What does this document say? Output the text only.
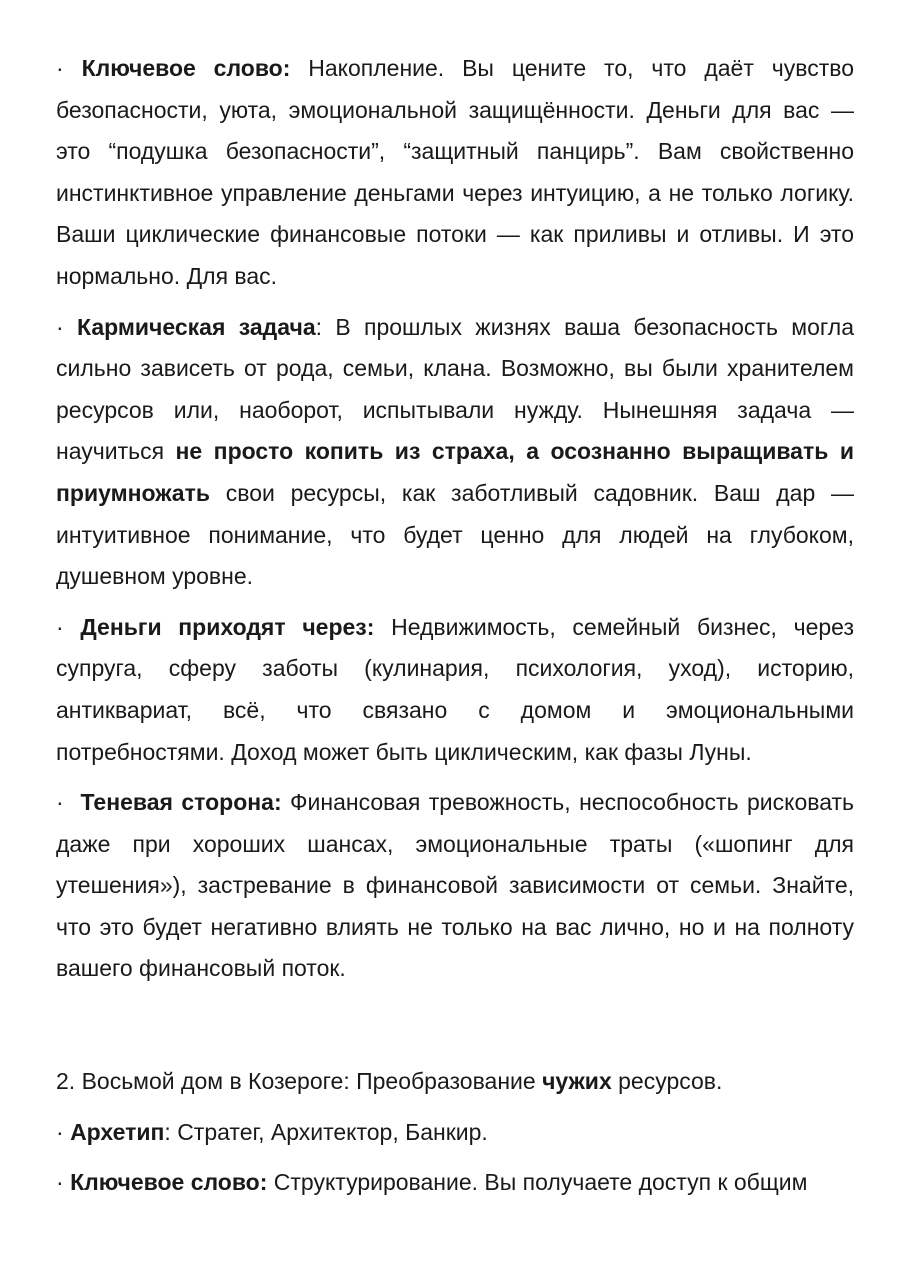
· Ключевое слово: Накопление. Вы цените то, что даёт чувство безопасности, уюта, эмоциональной защищённости. Деньги для вас — это “подушка безопасности”, “защитный панцирь”. Вам свойственно инстинктивное управление деньгами через интуицию, а не только логику. Ваши циклические финансовые потоки — как приливы и отливы. И это нормально. Для вас.

· Кармическая задача: В прошлых жизнях ваша безопасность могла сильно зависеть от рода, семьи, клана. Возможно, вы были хранителем ресурсов или, наоборот, испытывали нужду. Нынешняя задача — научиться не просто копить из страха, а осознанно выращивать и приумножать свои ресурсы, как заботливый садовник. Ваш дар — интуитивное понимание, что будет ценно для людей на глубоком, душевном уровне.

· Деньги приходят через: Недвижимость, семейный бизнес, через супруга, сферу заботы (кулинария, психология, уход), историю, антиквариат, всё, что связано с домом и эмоциональными потребностями. Доход может быть циклическим, как фазы Луны.

·  Теневая сторона: Финансовая тревожность, неспособность рисковать даже при хороших шансах, эмоциональные траты («шопинг для утешения»), застревание в финансовой зависимости от семьи. Знайте, что это будет негативно влиять не только на вас лично, но и на полноту вашего финансовый поток.

2. Восьмой дом в Козероге: Преобразование чужих ресурсов.

· Архетип: Стратег, Архитектор, Банкир.

· Ключевое слово: Структурирование. Вы получаете доступ к общим
